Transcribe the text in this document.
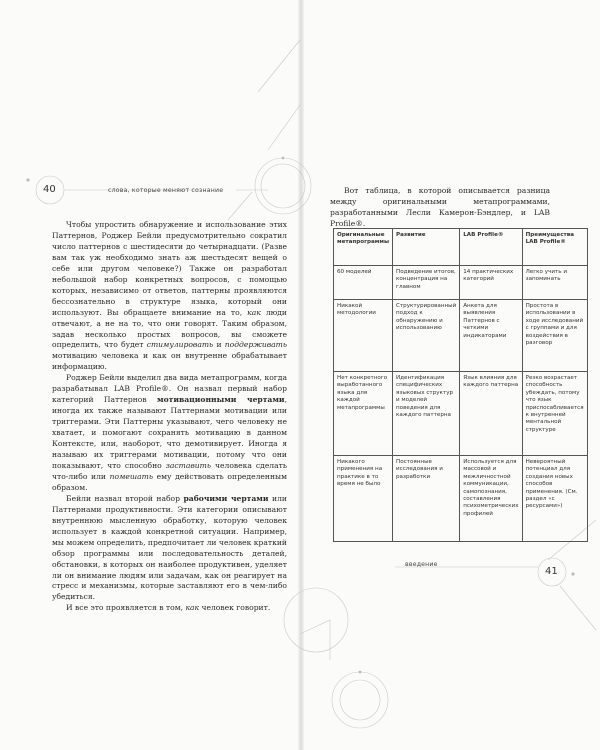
40	слова, которые меняют сознание

Чтобы упростить обнаружение и использование этих Паттернов, Роджер Бейли предусмотрительно сократил число паттернов с шестидесяти до четырнадцати. (Разве вам так уж необходимо знать аж шестьдесят вещей о себе или другом человеке?) Также он разработал небольшой набор конкретных вопросов, с помощью которых, независимо от ответов, паттерны проявляются бессознательно в структуре языка, который они используют. Вы обращаете внимание на то, как люди отвечают, а не на то, что они говорят. Таким образом, задав несколько простых вопросов, вы сможете определить, что будет стимулировать и поддерживать мотивацию человека и как он внутренне обрабатывает информацию.

Роджер Бейли выделил два вида метапрограмм, когда разрабатывал LAB Profile®. Он назвал первый набор категорий Паттернов мотивационными чертами, иногда их также называют Паттернами мотивации или триггерами. Эти Паттерны указывают, чего человеку не хватает, и помогают сохранять мотивацию в данном Контексте, или, наоборот, что демотивирует. Иногда я называю их триггерами мотивации, потому что они показывают, что способно заставить человека сделать что-либо или помешать ему действовать определенным образом.

Бейли назвал второй набор рабочими чертами или Паттернами продуктивности. Эти категории описывают внутреннюю мысленную обработку, которую человек использует в каждой конкретной ситуации. Например, мы можем определить, предпочитает ли человек краткий обзор программы или последовательность деталей, обстановки, в которых он наиболее продуктивен, уделяет ли он внимание людям или задачам, как он реагирует на стресс и механизмы, которые заставляют его в чем-либо убедиться.

И все это проявляется в том, как человек говорит.

введение
41
Вот таблица, в которой описывается разница между оригинальными метапрограммами, разработанными Лесли Камерон-Бэндлер, и LAB Profile®.
Оригинальные метапрограммы	Развитие	LAB Profile®	Преимущества LAB Profile®
60 моделей	Подведение итогов, концентрация на главном	14 практических категорий	Легко учить и запоминать
Никакой методологии	Структурированный подход к обнаружению и использованию	Анкета для выявления Паттернов с четкими индикаторами	Простота в использовании в ходе исследований с группами и для воздействия в разговор
Нет конкретного выработанного языка для каждой метапрограммы	Идентификация специфических языковых структур и моделей поведения для каждого паттерна	Язык влияния для каждого паттерна	Резко возрастает способность убеждать, потому что язык приспосабливается к внутренней ментальной структуре
Никакого применения на практике в то время не было	Постоянные исследования и разработки	Используется для массовой и межличностной коммуникации, самопознания, составления психометрических профилей	Невероятный потенциал для создания новых способов применения. (См. раздел «с ресурсами»)
